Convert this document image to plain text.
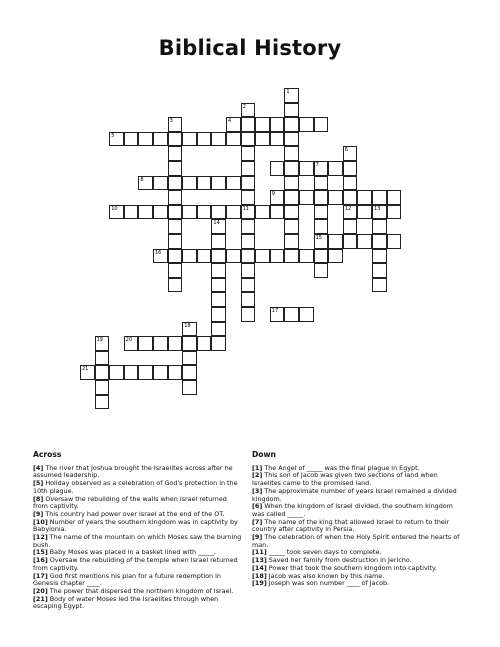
Biblical History
5
1
4
2
11
3
8
7
6
12
15
9
10	13
16
14
17
19
18
20
21
Across
[4] The river that Joshua brought the Israelites across after he assumed leadership.
[5] Holiday observed as a celebration of God's protection in the 10th plague.
[8] Oversaw the rebuilding of the walls when Israel returned from captivity.
[9] This country had power over Israel at the end of the OT.
[10] Number of years the southern kingdom was in captivity by Babylonia.
[12] The name of the mountain on which Moses saw the burning bush.
[15] Baby Moses was placed in a basket lined with _____.
[16] Oversaw the rebuilding of the temple when Israel returned from captivity.
[17] God first mentions his plan for a future redemption in Genesis chapter ____.
[20] The power that dispersed the northern kingdom of Israel.
[21] Body of water Moses led the Israelites through when escaping Egypt.
Down
[1] The Angel of _____ was the final plague in Egypt.
[2] This son of Jacob was given two sections of land when Israelites came to the promised land.
[3] The approximate number of years Israel remained a divided kingdom.
[6] When the kingdom of Israel divided, the southern kingdom was called _____.
[7] The name of the king that allowed Israel to return to their country after captivity in Persia.
[9] The celebration of when the Holy Spirit entered the hearts of man.
[11] _____ took seven days to complete.
[13] Saved her family from destruction in Jericho.
[14] Power that took the southern kingdom into captivity.
[18] Jacob was also known by this name.
[19] Joseph was son number ____ of Jacob.
